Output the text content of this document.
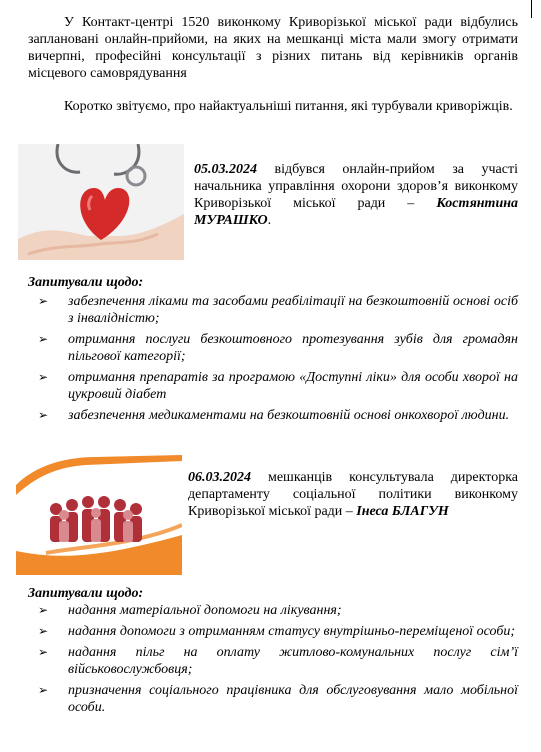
У Контакт-центрі 1520 виконкому Криворізької міської ради відбулись заплановані онлайн-прийоми, на яких на мешканці міста мали змогу отримати вичерпні, професійні консультації з різних питань від керівників органів місцевого самоврядування
Коротко звітуємо, про найактуальніші питання, які турбували криворіжців.
05.03.2024 відбувся онлайн-прийом за участі начальника управління охорони здоров’я виконкому Криворізької міської ради – Костянтина МУРАШКО.
Запитували щодо:
➢ забезпечення ліками та засобами реабілітації на безкоштовній основі осіб з інвалідністю;
➢ отримання послуги безкоштовного протезування зубів для громадян пільгової категорії;
➢ отримання препаратів за програмою «Доступні ліки» для особи хворої на цукровий діабет
➢ забезпечення медикаментами на безкоштовній основі онкохворої людини.
06.03.2024 мешканців консультувала директорка департаменту соціальної політики виконкому Криворізької міської ради – Інеса БЛАГУН
Запитували щодо:
➢ надання матеріальної допомоги на лікування;
➢ надання допомоги з отриманням статусу внутрішньо-переміщеної особи;
➢ надання пільг на оплату житлово-комунальних послуг сім’ї військовослужбовця;
➢ призначення соціального працівника для обслуговування мало мобільної особи.
